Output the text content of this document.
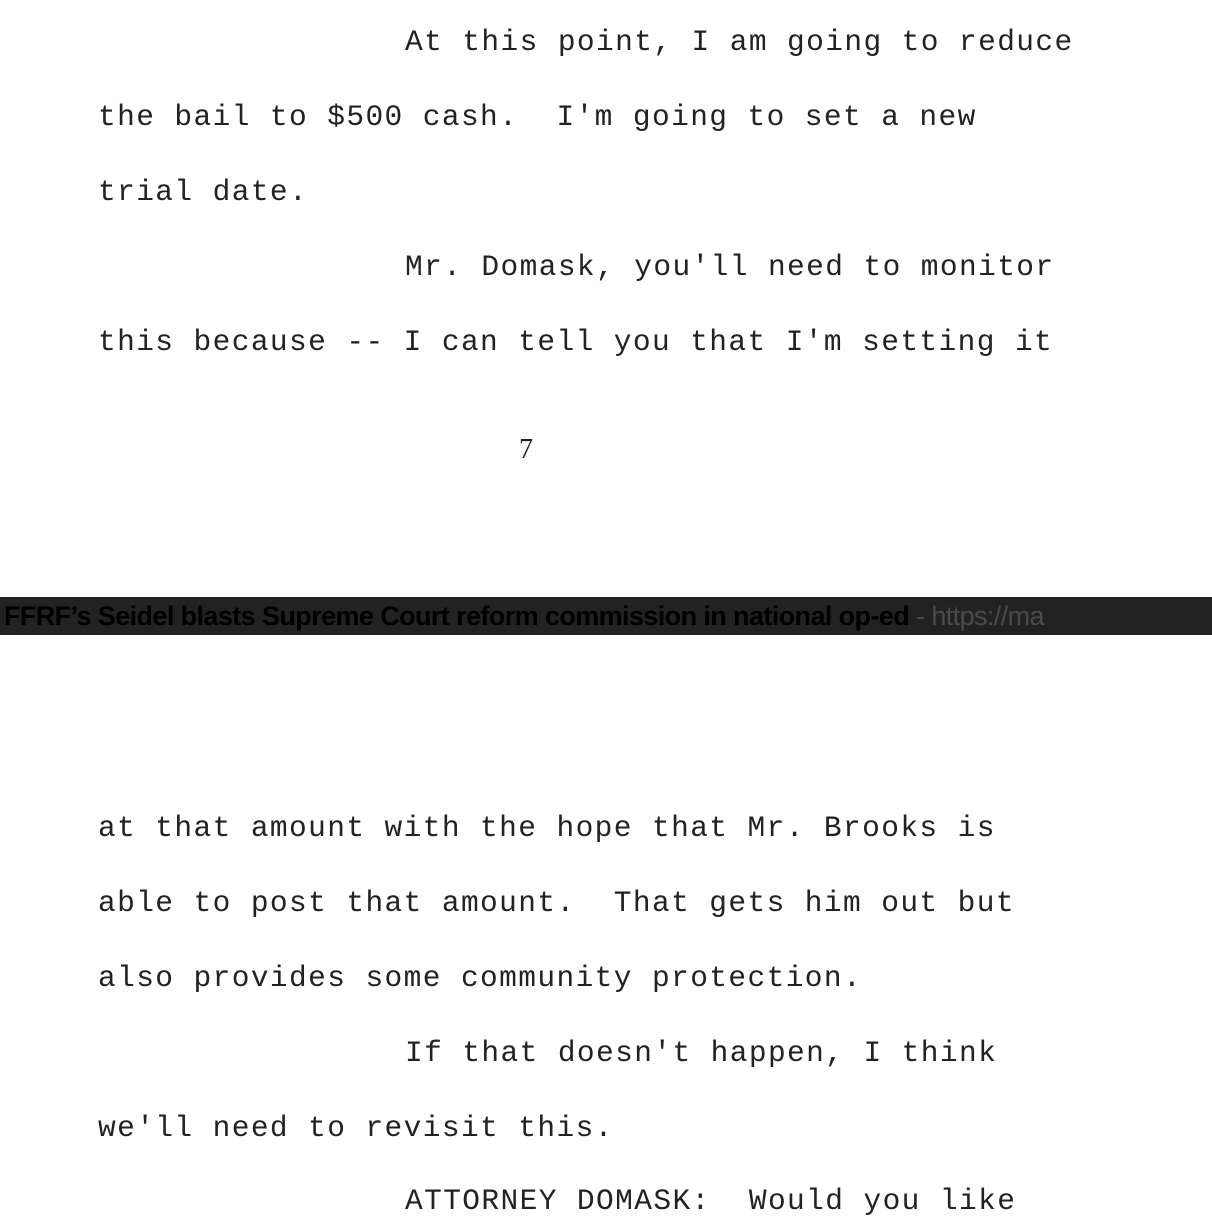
At this point, I am going to reduce
the bail to $500 cash.  I'm going to set a new
trial date.
Mr. Domask, you'll need to monitor
this because -- I can tell you that I'm setting it
7
FFRF’s Seidel blasts Supreme Court reform commission in national op-ed - https://ma
at that amount with the hope that Mr. Brooks is
able to post that amount.  That gets him out but
also provides some community protection.
If that doesn't happen, I think
we'll need to revisit this.
ATTORNEY DOMASK:  Would you like
